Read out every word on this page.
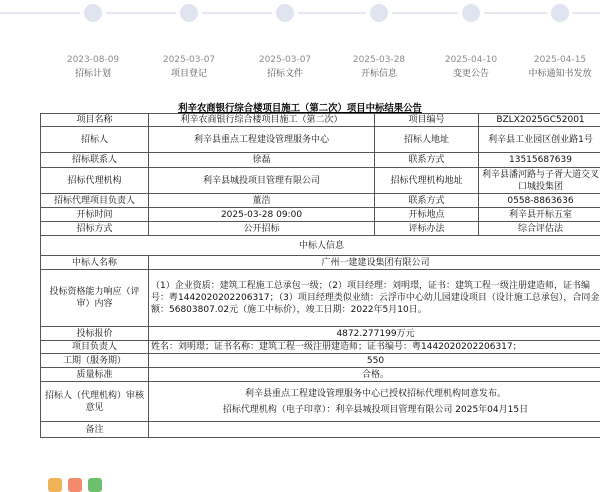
2023-08-09
招标计划
2025-03-07
项目登记
2025-03-07
招标文件
2025-03-28
开标信息
2025-04-10
变更公告
2025-04-15
中标通知书发放
利辛农商银行综合楼项目施工（第二次）项目中标结果公告
项目名称	利辛农商银行综合楼项目施工（第二次）	项目编号	BZLX2025GC52001
招标人	利辛县重点工程建设管理服务中心	招标人地址	利辛县工业园区创业路1号
招标联系人	徐磊	联系方式	13515687639
招标代理机构	利辛县城投项目管理有限公司	招标代理机构地址	利辛县潘河路与子胥大道交叉口城投集团
招标代理项目负责人	董浩	联系方式	0558-8863636
开标时间	2025-03-28 09:00	开标地点	利辛县开标五室
招标方式	公开招标	评标办法	综合评估法
中标人信息			
中标人名称	广州一建建设集团有限公司		
投标资格能力响应（评审）内容	（1）企业资质：建筑工程施工总承包一级；（2）项目经理：刘明璟，证书：建筑工程一级注册建造师，证书编号：粤1442020202206317；（3）项目经理类似业绩：云浮市中心幼儿园建设项目（设计施工总承包），合同金额：56803807.02元（施工中标价），竣工日期：2022年5月10日。		
投标报价	4872.277199万元		
项目负责人	姓名：刘明璟；证书名称：建筑工程一级注册建造师；证书编号：粤1442020202206317；		
工期（服务期）	550		
质量标准	合格。		
招标人（代理机构）审核意见	利辛县重点工程建设管理服务中心已授权招标代理机构同意发布。
招标代理机构（电子印章）：利辛县城投项目管理有限公司 2025年04月15日		

备注			
